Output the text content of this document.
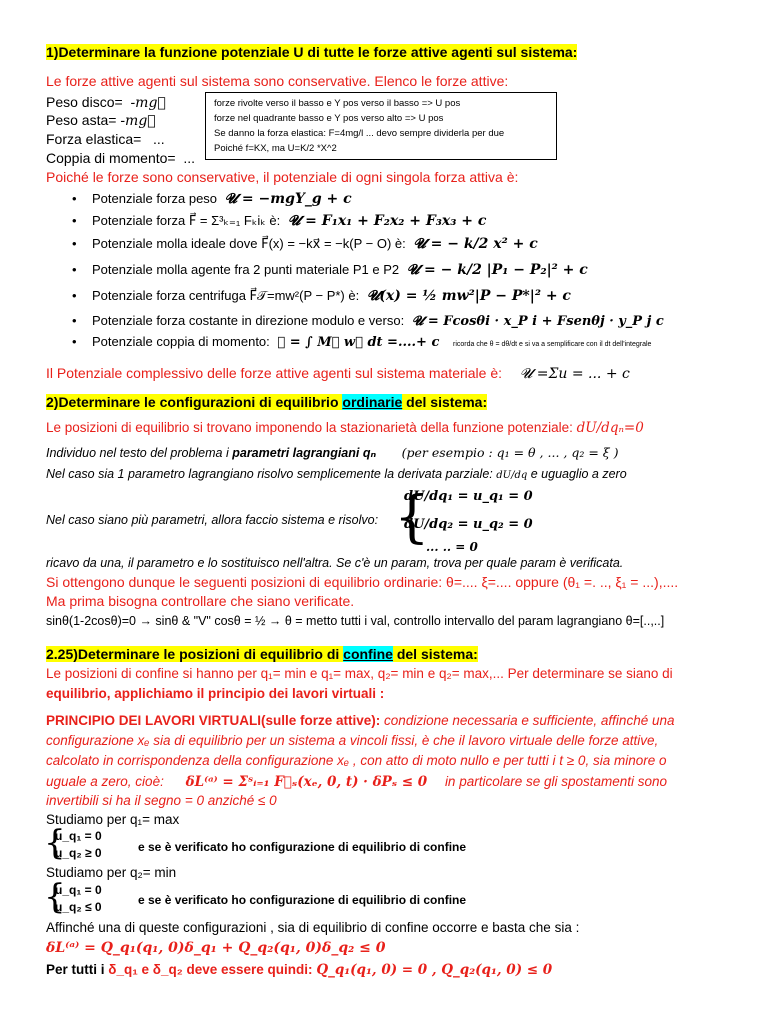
1)Determinare la funzione potenziale U di tutte le forze attive agenti sul sistema:
Le forze attive agenti sul sistema sono conservative. Elenco le forze attive:
Peso disco= -mg⃗
Peso asta= -mg⃗
Forza elastica= ...
Coppia di momento= ...
forze rivolte verso il basso e Y pos verso il basso => U pos
forze nel quadrante basso e Y pos verso alto => U pos
Se danno la forza elastica: F=4mg/l ... devo sempre dividerla per due
Poiché f=KX, ma U=K/2 *X^2
Poiché le forze sono conservative, il potenziale di ogni singola forza attiva è:
• Potenziale forza peso 𝓤 = −mgY_g + c
• Potenziale forza F⃗ = Σ³ₖ₌₁ Fₖiₖ è: 𝓤 = F₁x₁ + F₂x₂ + F₃x₃ + c
• Potenziale molla ideale dove F⃗(x) = −kx⃗ = −k(P − O) è: 𝓤 = − k/2 x² + c
• Potenziale molla agente fra 2 punti materiale P1 e P2 𝓤 = − k/2 |P₁ − P₂|² + c
• Potenziale forza centrifuga F⃗𝒯=mw²(P − P*) è: 𝓤(x) = ½ mw²|P − P*|² + c
• Potenziale forza costante in direzione modulo e verso: 𝓤 = Fcosθi · x_P i + Fsenθj · y_P j c
• Potenziale coppia di momento: 𝓤 = ∫ M⃗ w⃗ dt =....+ c ricorda che θ = dθ/dt e si va a semplificare con il dt dell'integrale
Il Potenziale complessivo delle forze attive agenti sul sistema materiale è: 𝓤 =Σu = ... + c
2)Determinare le configurazioni di equilibrio ordinarie del sistema:
Le posizioni di equilibrio si trovano imponendo la stazionarietà della funzione potenziale: dU/dqₙ=0
Individuo nel testo del problema i parametri lagrangiani qₙ (per esempio : q₁ = θ , ... , q₂ = ξ )
Nel caso sia 1 parametro lagrangiano risolvo semplicemente la derivata parziale: dU/dq e uguaglio a zero
Nel caso siano più parametri, allora faccio sistema e risolvo: {
dU/dq₁ = u_q₁ = 0
dU/dq₂ = u_q₂ = 0
... .. = 0
ricavo da una, il parametro e lo sostituisco nell'altra. Se c'è un param, trova per quale param è verificata.
Si ottengono dunque le seguenti posizioni di equilibrio ordinarie: θ=.... ξ=.... oppure (θ₁ =. .., ξ₁ = ...),....
Ma prima bisogna controllare che siano verificate.
sinθ(1-2cosθ)=0 → sinθ & "V" cosθ = ½ → θ = metto tutti i val, controllo intervallo del param lagrangiano θ=[..,..]
2.25)Determinare le posizioni di equilibrio di confine del sistema:
Le posizioni di confine si hanno per q₁= min e q₁= max, q₂= min e q₂= max,... Per determinare se siano di
equilibrio, applichiamo il principio dei lavori virtuali :
PRINCIPIO DEI LAVORI VIRTUALI(sulle forze attive): condizione necessaria e sufficiente, affinché una
configurazione xₑ sia di equilibrio per un sistema a vincoli fissi, è che il lavoro virtuale delle forze attive,
calcolato in corrispondenza della configurazione xₑ , con atto di moto nullo e per tutti i t ≥ 0, sia minore o
uguale a zero, cioè: δL⁽ᵃ⁾ = Σˢᵢ₌₁ F⃗ₛ(xₑ, 0, t) · δPₛ ≤ 0 in particolare se gli spostamenti sono
invertibili si ha il segno = 0 anziché ≤ 0
Studiamo per q₁= max
{
u_q₁ = 0
u_q₂ ≥ 0	e se è verificato ho configurazione di equilibrio di confine
Studiamo per q₂= min
{
u_q₁ = 0
u_q₂ ≤ 0	e se è verificato ho configurazione di equilibrio di confine
Affinché una di queste configurazioni , sia di equilibrio di confine occorre e basta che sia :
δL⁽ᵃ⁾ = Q_q₁(q₁, 0)δ_q₁ + Q_q₂(q₁, 0)δ_q₂ ≤ 0
Per tutti i δ_q₁ e δ_q₂ deve essere quindi: Q_q₁(q₁, 0) = 0 , Q_q₂(q₁, 0) ≤ 0
